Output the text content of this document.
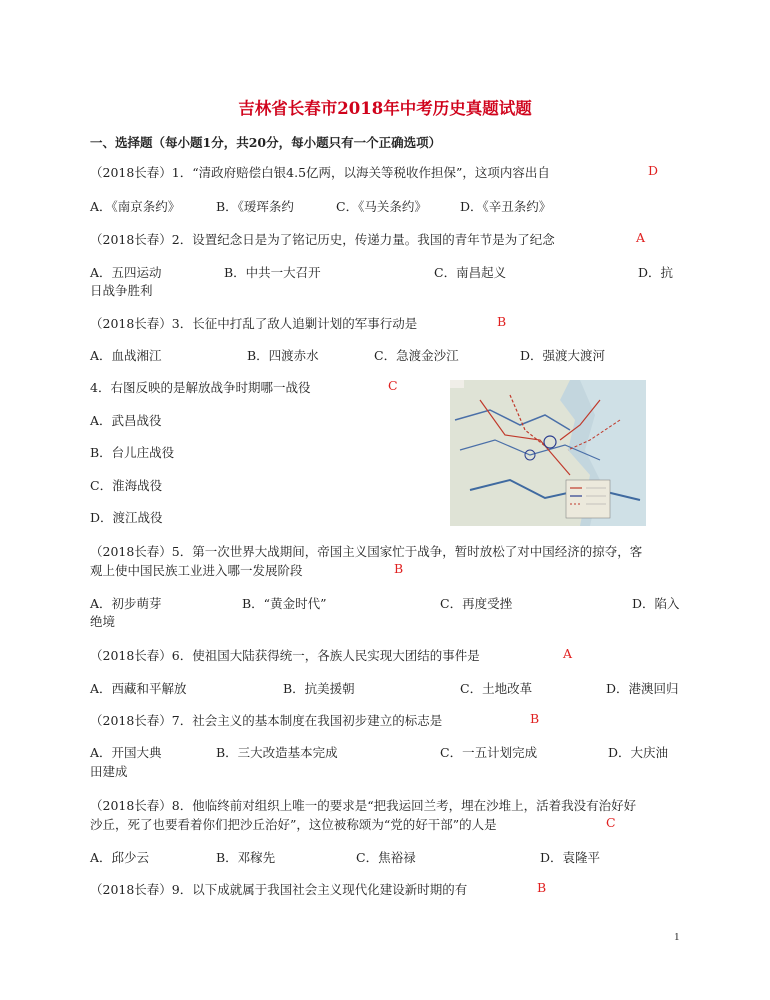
吉林省长春市2018年中考历史真题试题
一、选择题（每小题1分，共20分，每小题只有一个正确选项）
（2018长春）1．“清政府赔偿白银4.5亿两，以海关等税收作担保”，这项内容出自	D
A．《南京条约》	B．《瑷珲条约	C．《马关条约》	D．《辛丑条约》
（2018长春）2．设置纪念日是为了铭记历史，传递力量。我国的青年节是为了纪念	A
A．五四运动	B．中共一大召开	C．南昌起义	D．抗
日战争胜利
（2018长春）3．长征中打乱了敌人追剿计划的军事行动是	B
A．血战湘江	B．四渡赤水	C．急渡金沙江	D．强渡大渡河
4．右图反映的是解放战争时期哪一战役	C
A．武昌战役
B．台儿庄战役
C．淮海战役
D．渡江战役
（2018长春）5．第一次世界大战期间，帝国主义国家忙于战争，暂时放松了对中国经济的掠夺，客
观上使中国民族工业进入哪一发展阶段	B
A．初步萌芽	B．“黄金时代”	C．再度受挫	D．陷入
绝境
（2018长春）6．使祖国大陆获得统一，各族人民实现大团结的事件是	A
A．西藏和平解放	B．抗美援朝	C．土地改革	D．港澳回归
（2018长春）7．社会主义的基本制度在我国初步建立的标志是	B
A．开国大典	B．三大改造基本完成	C．一五计划完成	D．大庆油
田建成
（2018长春）8．他临终前对组织上唯一的要求是“把我运回兰考，埋在沙堆上，活着我没有治好好
沙丘，死了也要看着你们把沙丘治好”，这位被称颂为“党的好干部”的人是	C
A．邱少云	B．邓稼先	C．焦裕禄	D．袁隆平
（2018长春）9．以下成就属于我国社会主义现代化建设新时期的有	B
1
